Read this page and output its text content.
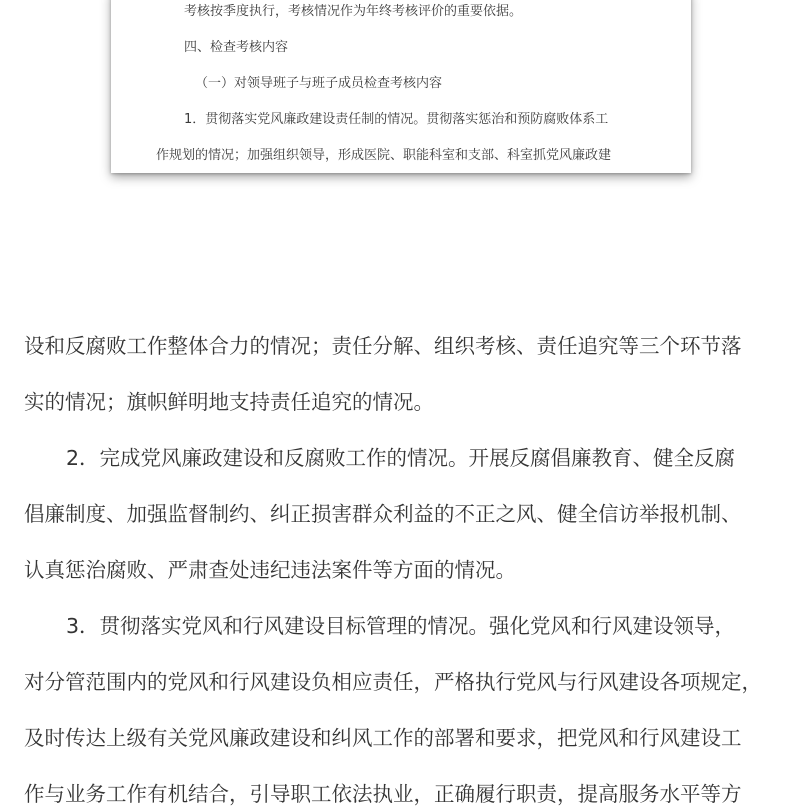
​
考核按季度执行，考核情况作为年终考核评价的重要依据。
四、检查考核内容
（一）对领导班子与班子成员检查考核内容
1．贯彻落实党风廉政建设责任制的情况。贯彻落实惩治和预防腐败体系工
作规划的情况；加强组织领导，形成医院、职能科室和支部、科室抓党风廉政建
设和反腐败工作整体合力的情况；责任分解、组织考核、责任追究等三个环节落
实的情况；旗帜鲜明地支持责任追究的情况。
2．完成党风廉政建设和反腐败工作的情况。开展反腐倡廉教育、健全反腐
倡廉制度、加强监督制约、纠正损害群众利益的不正之风、健全信访举报机制、
认真惩治腐败、严肃查处违纪违法案件等方面的情况。
3．贯彻落实党风和行风建设目标管理的情况。强化党风和行风建设领导，
对分管范围内的党风和行风建设负相应责任，严格执行党风与行风建设各项规定，
及时传达上级有关党风廉政建设和纠风工作的部署和要求，把党风和行风建设工
作与业务工作有机结合，引导职工依法执业，正确履行职责，提高服务水平等方
